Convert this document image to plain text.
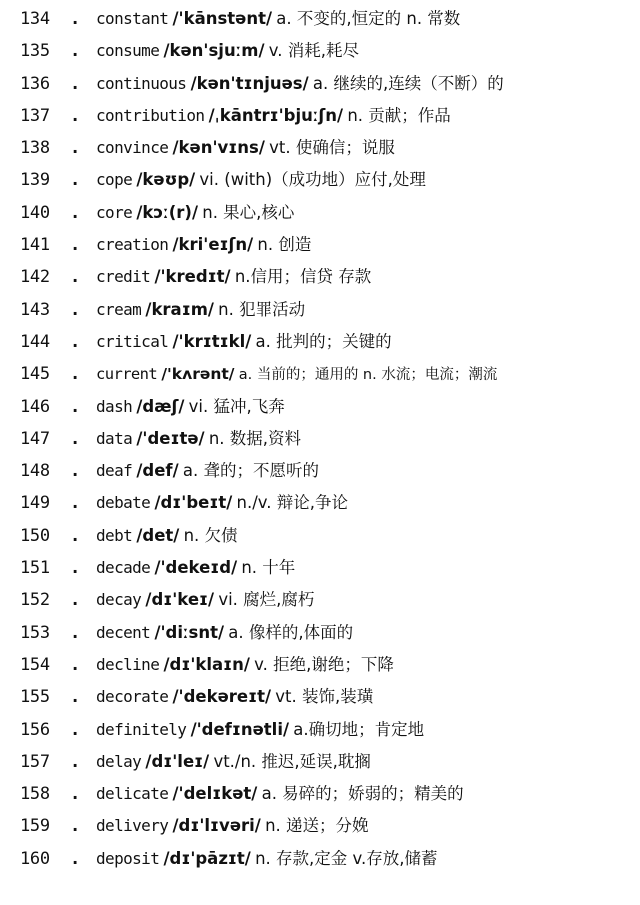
134 . constant /'kānstənt/ a. 不变的,恒定的 n. 常数
135 . consume /kən'sjuːm/ v. 消耗,耗尽
136 . continuous /kən'tɪnjuəs/ a. 继续的,连续（不断）的
137 . contribution /ˌkāntrɪ'bjuːʃn/ n. 贡献；作品
138 . convince /kən'vɪns/ vt. 使确信；说服
139 . cope /kəʊp/ vi. (with)（成功地）应付,处理
140 . core /kɔː(r)/ n. 果心,核心
141 . creation /kri'eɪʃn/ n. 创造
142 . credit /'kredɪt/ n.信用；信贷 存款
143 . cream /kraɪm/ n. 犯罪活动
144 . critical /'krɪtɪkl/ a. 批判的；关键的
145 . current /'kʌrənt/ a. 当前的；通用的 n. 水流；电流；潮流
146 . dash /dæʃ/ vi. 猛冲,飞奔
147 . data /'deɪtə/ n. 数据,资料
148 . deaf /def/ a. 聋的；不愿听的
149 . debate /dɪ'beɪt/ n./v. 辩论,争论
150 . debt /det/ n. 欠债
151 . decade /'dekeɪd/ n. 十年
152 . decay /dɪ'keɪ/ vi. 腐烂,腐朽
153 . decent /'diːsnt/ a. 像样的,体面的
154 . decline /dɪ'klaɪn/ v. 拒绝,谢绝；下降
155 . decorate /'dekəreɪt/ vt. 装饰,装璜
156 . definitely /'defɪnətli/ a.确切地；肯定地
157 . delay /dɪ'leɪ/ vt./n. 推迟,延误,耽搁
158 . delicate /'delɪkət/ a. 易碎的；娇弱的；精美的
159 . delivery /dɪ'lɪvəri/ n. 递送；分娩
160 . deposit /dɪ'pāzɪt/ n. 存款,定金 v.存放,储蓄
